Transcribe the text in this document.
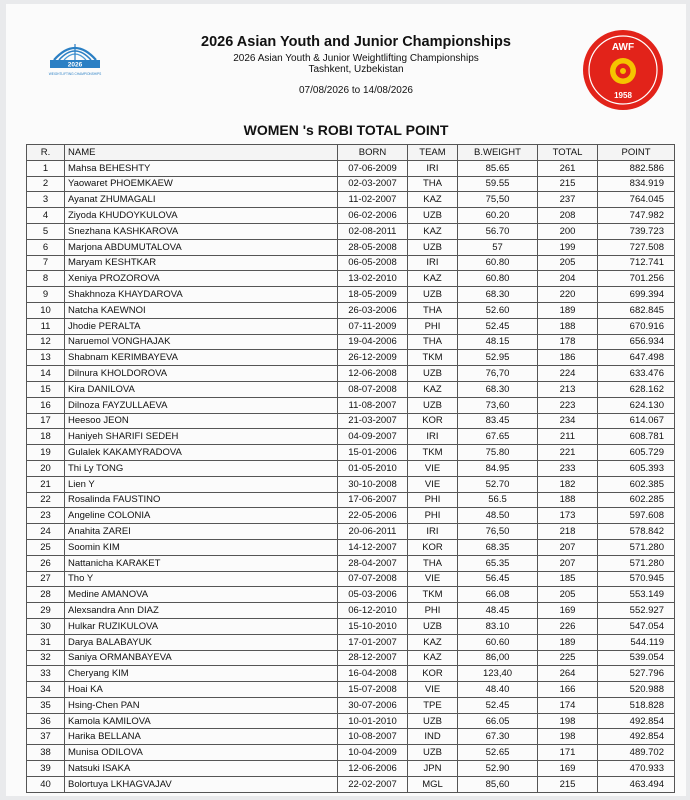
2026
WEIGHTLIFTING CHAMPIONSHIPS
2026 Asian Youth and Junior Championships
2026 Asian Youth & Junior Weightlifting Championships
Tashkent, Uzbekistan
07/08/2026 to 14/08/2026
AWF
1958
WOMEN 's ROBI TOTAL POINT
R.	NAME	BORN	TEAM	B.WEIGHT	TOTAL	POINT
1	Mahsa BEHESHTY	07-06-2009	IRI	85.65	261	882.586
2	Yaowaret PHOEMKAEW	02-03-2007	THA	59.55	215	834.919
3	Ayanat ZHUMAGALI	11-02-2007	KAZ	75,50	237	764.045
4	Ziyoda KHUDOYKULOVA	06-02-2006	UZB	60.20	208	747.982
5	Snezhana KASHKAROVA	02-08-2011	KAZ	56.70	200	739.723
6	Marjona ABDUMUTALOVA	28-05-2008	UZB	57	199	727.508
7	Maryam KESHTKAR	06-05-2008	IRI	60.80	205	712.741
8	Xeniya PROZOROVA	13-02-2010	KAZ	60.80	204	701.256
9	Shakhnoza KHAYDAROVA	18-05-2009	UZB	68.30	220	699.394
10	Natcha KAEWNOI	26-03-2006	THA	52.60	189	682.845
11	Jhodie PERALTA	07-11-2009	PHI	52.45	188	670.916
12	Naruemol VONGHAJAK	19-04-2006	THA	48.15	178	656.934
13	Shabnam KERIMBAYEVA	26-12-2009	TKM	52.95	186	647.498
14	Dilnura KHOLDOROVA	12-06-2008	UZB	76,70	224	633.476
15	Kira DANILOVA	08-07-2008	KAZ	68.30	213	628.162
16	Dilnoza FAYZULLAEVA	11-08-2007	UZB	73,60	223	624.130
17	Heesoo JEON	21-03-2007	KOR	83.45	234	614.067
18	Haniyeh SHARIFI SEDEH	04-09-2007	IRI	67.65	211	608.781
19	Gulalek KAKAMYRADOVA	15-01-2006	TKM	75.80	221	605.729
20	Thi Ly TONG	01-05-2010	VIE	84.95	233	605.393
21	Lien Y	30-10-2008	VIE	52.70	182	602.385
22	Rosalinda FAUSTINO	17-06-2007	PHI	56.5	188	602.285
23	Angeline COLONIA	22-05-2006	PHI	48.50	173	597.608
24	Anahita ZAREI	20-06-2011	IRI	76,50	218	578.842
25	Soomin KIM	14-12-2007	KOR	68.35	207	571.280
26	Nattanicha KARAKET	28-04-2007	THA	65.35	207	571.280
27	Tho Y	07-07-2008	VIE	56.45	185	570.945
28	Medine AMANOVA	05-03-2006	TKM	66.08	205	553.149
29	Alexsandra Ann DIAZ	06-12-2010	PHI	48.45	169	552.927
30	Hulkar RUZIKULOVA	15-10-2010	UZB	83.10	226	547.054
31	Darya BALABAYUK	17-01-2007	KAZ	60.60	189	544.119
32	Saniya ORMANBAYEVA	28-12-2007	KAZ	86,00	225	539.054
33	Cheryang KIM	16-04-2008	KOR	123,40	264	527.796
34	Hoai KA	15-07-2008	VIE	48.40	166	520.988
35	Hsing-Chen PAN	30-07-2006	TPE	52.45	174	518.828
36	Kamola KAMILOVA	10-01-2010	UZB	66.05	198	492.854
37	Harika BELLANA	10-08-2007	IND	67.30	198	492.854
38	Munisa ODILOVA	10-04-2009	UZB	52.65	171	489.702
39	Natsuki ISAKA	12-06-2006	JPN	52.90	169	470.933
40	Bolortuya LKHAGVAJAV	22-02-2007	MGL	85,60	215	463.494
